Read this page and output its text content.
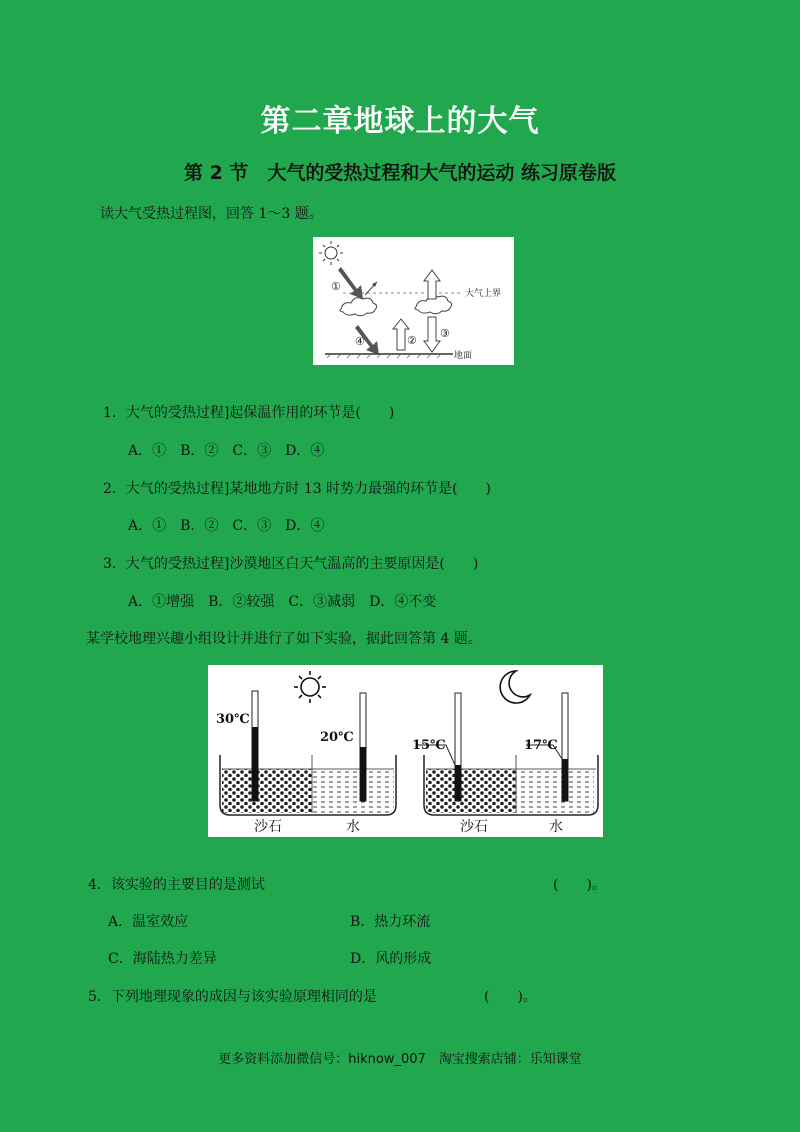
第二章地球上的大气
第 2 节　大气的受热过程和大气的运动 练习原卷版
读大气受热过程图，回答 1～3 题。
①
②
③
④
大气上界
地面
1．大气的受热过程]起保温作用的环节是(　　)
A．①　B．②　C．③　D．④
2．大气的受热过程]某地地方时 13 时势力最强的环节是(　　)
A．①　B．②　C．③　D．④
3．大气的受热过程]沙漠地区白天气温高的主要原因是(　　)
A．①增强　B．②较强　C．③减弱　D．④不变
某学校地理兴趣小组设计并进行了如下实验，据此回答第 4 题。
30℃
20℃
15℃	17℃
沙石	水	沙石	水
4．该实验的主要目的是测试	(　　)。
A．温室效应	B．热力环流
C．海陆热力差异	D．风的形成
5．下列地理现象的成因与该实验原理相同的是	(　　)。
更多资料添加微信号：hiknow_007　淘宝搜索店铺：乐知课堂
